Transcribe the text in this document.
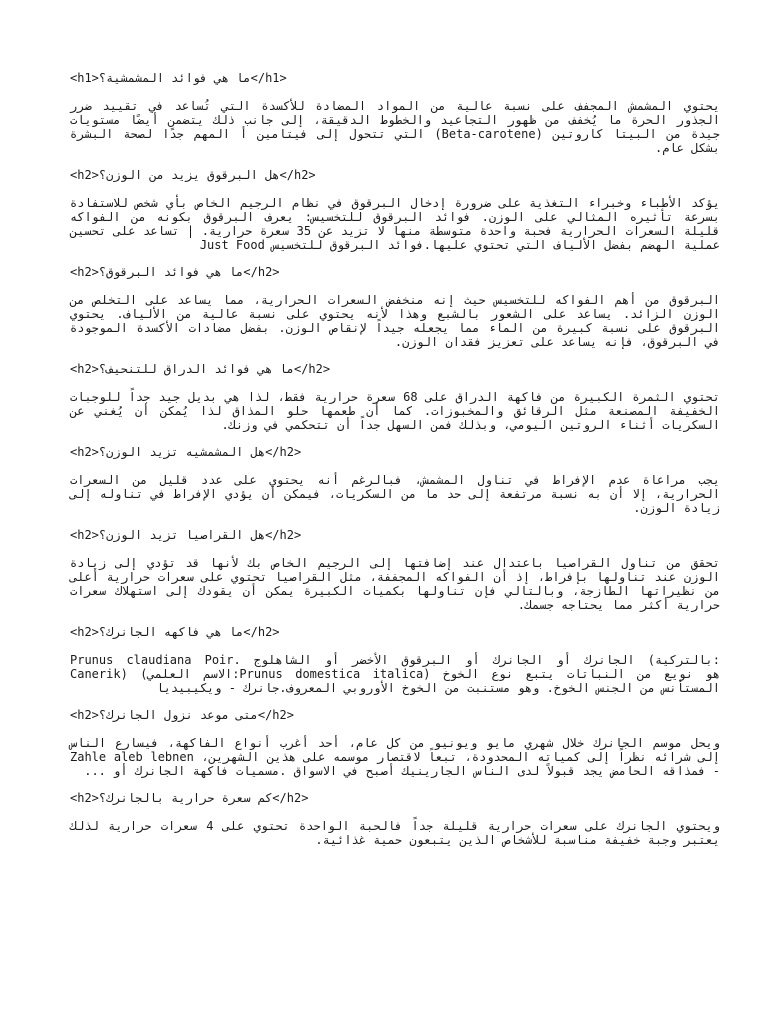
<h1>ما هي فوائد المشمشية؟</h1>
يحتوي المشمش المجفف على نسبة عالية من المواد المضادة للأكسدة التي تُساعد في تقييد ضرر الجذور الحرة ما يُخفف من ظهور التجاعيد والخطوط الدقيقة، إلى جانب ذلك يتضمن أيضًا مستويات جيدة من البيتا كاروتين (Beta-carotene) التي تتحول إلى فيتامين أ المهم جدًا لصحة البشرة بشكل عام.
<h2>هل البرقوق يزيد من الوزن؟</h2>
يؤكد الأطباء وخبراء التغذية على ضرورة إدخال البرقوق في نظام الرجيم الخاص بأي شخص للاستفادة بسرعة تأثيره المثالي على الوزن. فوائد البرقوق للتخسيس: يعرف البرقوق بكونه من الفواكه قليلة السعرات الحرارية فحبة واحدة متوسطة منها لا تزيد عن 35 سعرة حرارية. | تساعد على تحسين عملية الهضم بفضل الألياف التي تحتوي عليها.فوائد البرقوق للتخسيس Just Food
<h2>ما هي فوائد البرقوق؟</h2>
البرقوق من أهم الفواكه للتخسيس حيث إنه منخفض السعرات الحرارية، مما يساعد على التخلص من الوزن الزائد. يساعد على الشعور بالشبع وهذا لأنه يحتوي على نسبة عالية من الألياف. يحتوي البرقوق على نسبة كبيرة من الماء مما يجعله جيداً لإنقاص الوزن. بفضل مضادات الأكسدة الموجودة في البرقوق، فإنه يساعد على تعزيز فقدان الوزن.
<h2>ما هي فوائد الدراق للتنحيف؟</h2>
تحتوي الثمرة الكبيرة من فاكهة الدراق على 68 سعرة حرارية فقط، لذا هي بديل جيد جداً للوجبات الخفيفة المصنعة مثل الرقائق والمخبوزات. كما أن طعمها حلو المذاق لذا يُمكن أن يُغني عن السكريات أثناء الروتين اليومي، وبذلك فمن السهل جداً أن تتحكمي في وزنك.
<h2>هل المشمشيه تزيد الوزن؟</h2>
يجب مراعاة عدم الإفراط في تناول المشمش، فبالرغم أنه يحتوي على عدد قليل من السعرات الحرارية، إلا أن به نسبة مرتفعة إلى حد ما من السكريات، فيمكن أن يؤدي الإفراط في تناوله إلى زيادة الوزن.
<h2>هل القراصيا تزيد الوزن؟</h2>
تحقق من تناول القراصيا باعتدال عند إضافتها إلى الرجيم الخاص بك لأنها قد تؤدي إلى زيادة الوزن عند تناولها بإفراط، إذ أن الفواكه المجففة، مثل القراصيا تحتوي على سعرات حرارية أعلى من نظيراتها الطازجة، وبالتالي فإن تناولها بكميات الكبيرة يمكن أن يقودك إلى استهلاك سعرات حرارية أكثر مما يحتاجه جسمك.
<h2>ما هي فاكهه الجانرك؟</h2>
Prunus claudiana Poir. الجانرك أو الجانرك أو البرقوق الأخضر أو الشاهلوج (بالتركية: Canerik) (الاسم العلمي:Prunus domestica italica) هو نويع من النباتات يتبع نوع الخوخ المستأنس من الجنس الخوخ. وهو مستنبت من الخوخ الأوروبي المعروف.جانرك - ويكيبيديا
<h2>متى موعد نزول الجانرك؟</h2>
ويحل موسم الجانرك خلال شهري مايو ويونيو من كل عام، أحد أغرب أنواع الفاكهة، فيسارع الناس إلى شرائه نظراً إلى كمياته المحدودة، تبعاً لاقتصار موسمه على هذين الشهرين، Zahle aleb lebnen - فمذاقه الحامض يجد قبولاً لدى الناس الجارينيك أصبح في الاسواق .مسميات فاكهة الجانرك أو ...
<h2>كم سعرة حرارية بالجانرك؟</h2>
ويحتوي الجانرك على سعرات حرارية قليلة جداً فالحبة الواحدة تحتوي على 4 سعرات حرارية لذلك يعتبر وجبة خفيفة مناسبة للأشخاص الذين يتبعون حمية غذائية.
